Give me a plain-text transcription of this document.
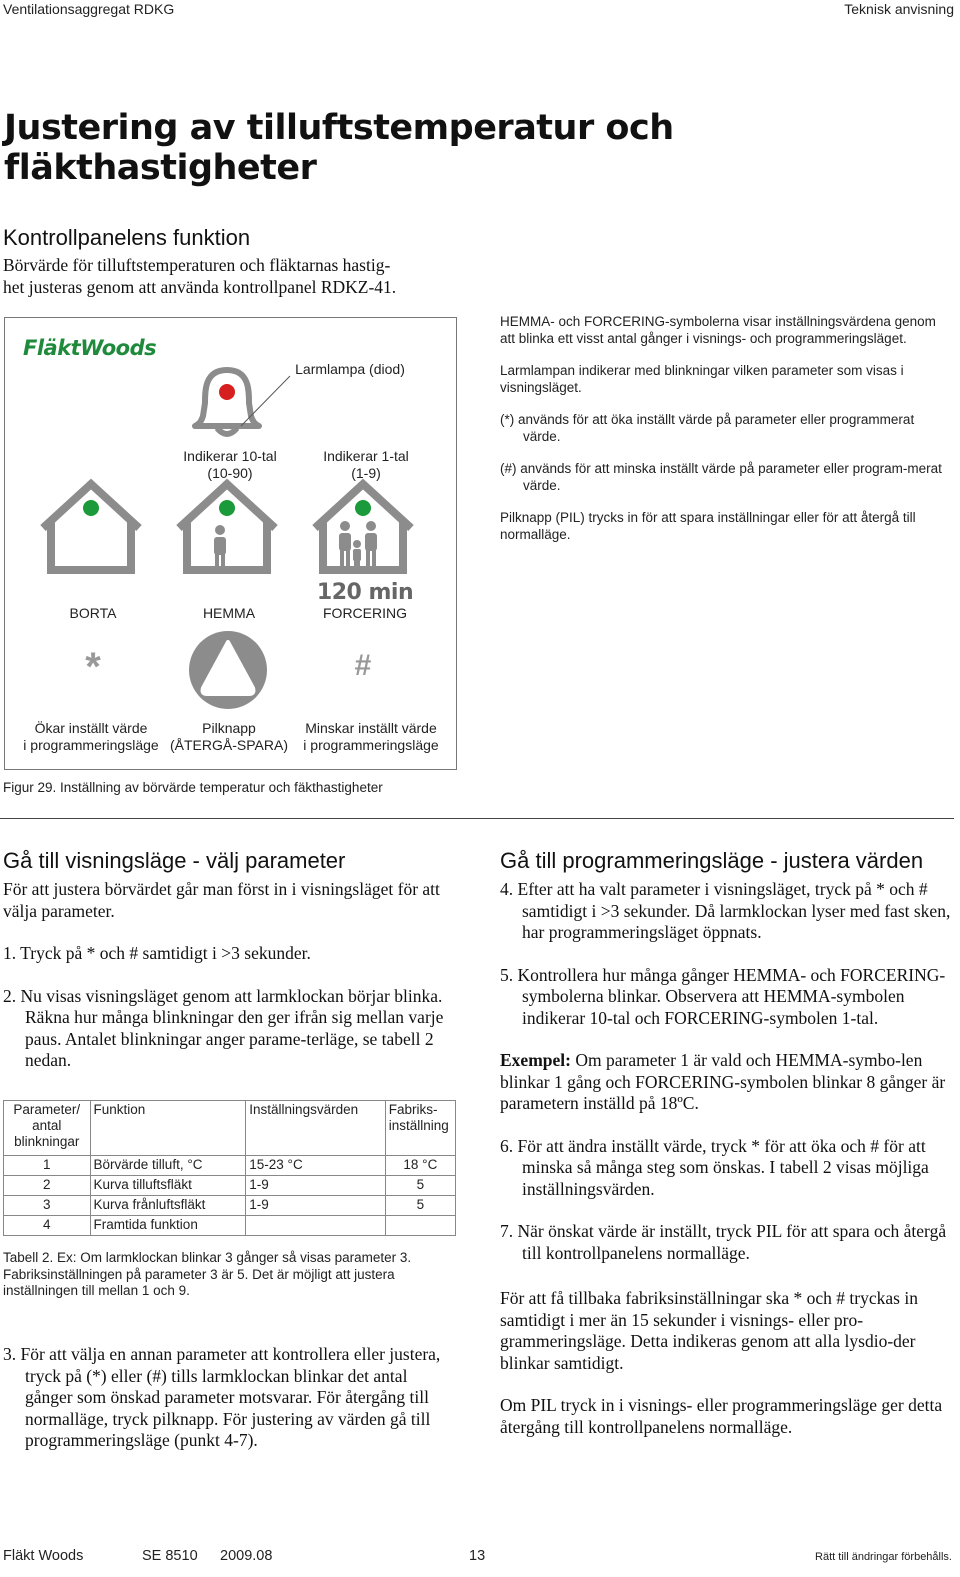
Ventilationsaggregat RDKG	Teknisk anvisning
Justering av tilluftstemperatur och fläkthastigheter
Kontrollpanelens funktion
Börvärde för tilluftstemperaturen och fläktarnas hastig-
het justeras genom att använda kontrollpanel RDKZ-41.
FläktWoods
Larmlampa (diod)
Indikerar 10-tal
(10-90)
Indikerar 1-tal
(1-9)
120 min
BORTA	HEMMA	FORCERING
*	#
Ökar inställt värde
i programmeringsläge
Pilknapp
(ÅTERGÅ-SPARA)
Minskar inställt värde
i programmeringsläge
Figur 29. Inställning av börvärde temperatur och fäkthastigheter

HEMMA- och FORCERING-symbolerna visar inställningsvärdena genom att blinka ett visst antal gånger i visnings- och programmeringsläget.

Larmlampan indikerar med blinkningar vilken parameter som visas i visningsläget.

(*) används för att öka inställt värde på parameter eller programmerat värde.

(#) används för att minska inställt värde på parameter eller program-merat värde.

Pilknapp (PIL) trycks in för att spara inställningar eller för att återgå till normalläge.

Gå till visningsläge - välj parameter

För att justera börvärdet går man först in i visningsläget för att välja parameter.

1. Tryck på * och # samtidigt i >3 sekunder.

2. Nu visas visningsläget genom att larmklockan börjar blinka. Räkna hur många blinkningar den ger ifrån sig mellan varje paus. Antalet blinkningar anger parame-terläge, se tabell 2 nedan.

Parameter/ antal blinkningar	Funktion	Inställningsvärden	Fabriks-inställning
1	Börvärde tilluft, °C	15-23 °C	18 °C
2	Kurva tilluftsfläkt	1-9	5
3	Kurva frånluftsfläkt	1-9	5
4	Framtida funktion		
Tabell 2. Ex: Om larmklockan blinkar 3 gånger så visas parameter 3. Fabriksinställningen på parameter 3 är 5. Det är möjligt att justera inställningen till mellan 1 och 9.

3. För att välja en annan parameter att kontrollera eller justera, tryck på (*) eller (#) tills larmklockan blinkar det antal gånger som önskad parameter motsvarar. För återgång till normalläge, tryck pilknapp. För justering av värden gå till programmeringsläge (punkt 4-7).

Gå till programmeringsläge - justera värden

4. Efter att ha valt parameter i visningsläget, tryck på * och # samtidigt i >3 sekunder. Då larmklockan lyser med fast sken, har programmeringsläget öppnats.

5. Kontrollera hur många gånger HEMMA- och FORCERING-symbolerna blinkar. Observera att HEMMA-symbolen indikerar 10-tal och FORCERING-symbolen 1-tal.

Exempel: Om parameter 1 är vald och HEMMA-symbo-len blinkar 1 gång och FORCERING-symbolen blinkar 8 gånger är parametern inställd på 18ºC.

6. För att ändra inställt värde, tryck * för att öka och # för att minska så många steg som önskas. I tabell 2 visas möjliga inställningsvärden.

7. När önskat värde är inställt, tryck PIL för att spara och återgå till kontrollpanelens normalläge.

För att få tillbaka fabriksinställningar ska * och # tryckas in samtidigt i mer än 15 sekunder i visnings- eller pro-grammeringsläge. Detta indikeras genom att alla lysdio-der blinkar samtidigt.

Om PIL tryck in i visnings- eller programmeringsläge ger detta återgång till kontrollpanelens normalläge.

Fläkt Woods	SE 8510 2009.08	13	Rätt till ändringar förbehålls.
